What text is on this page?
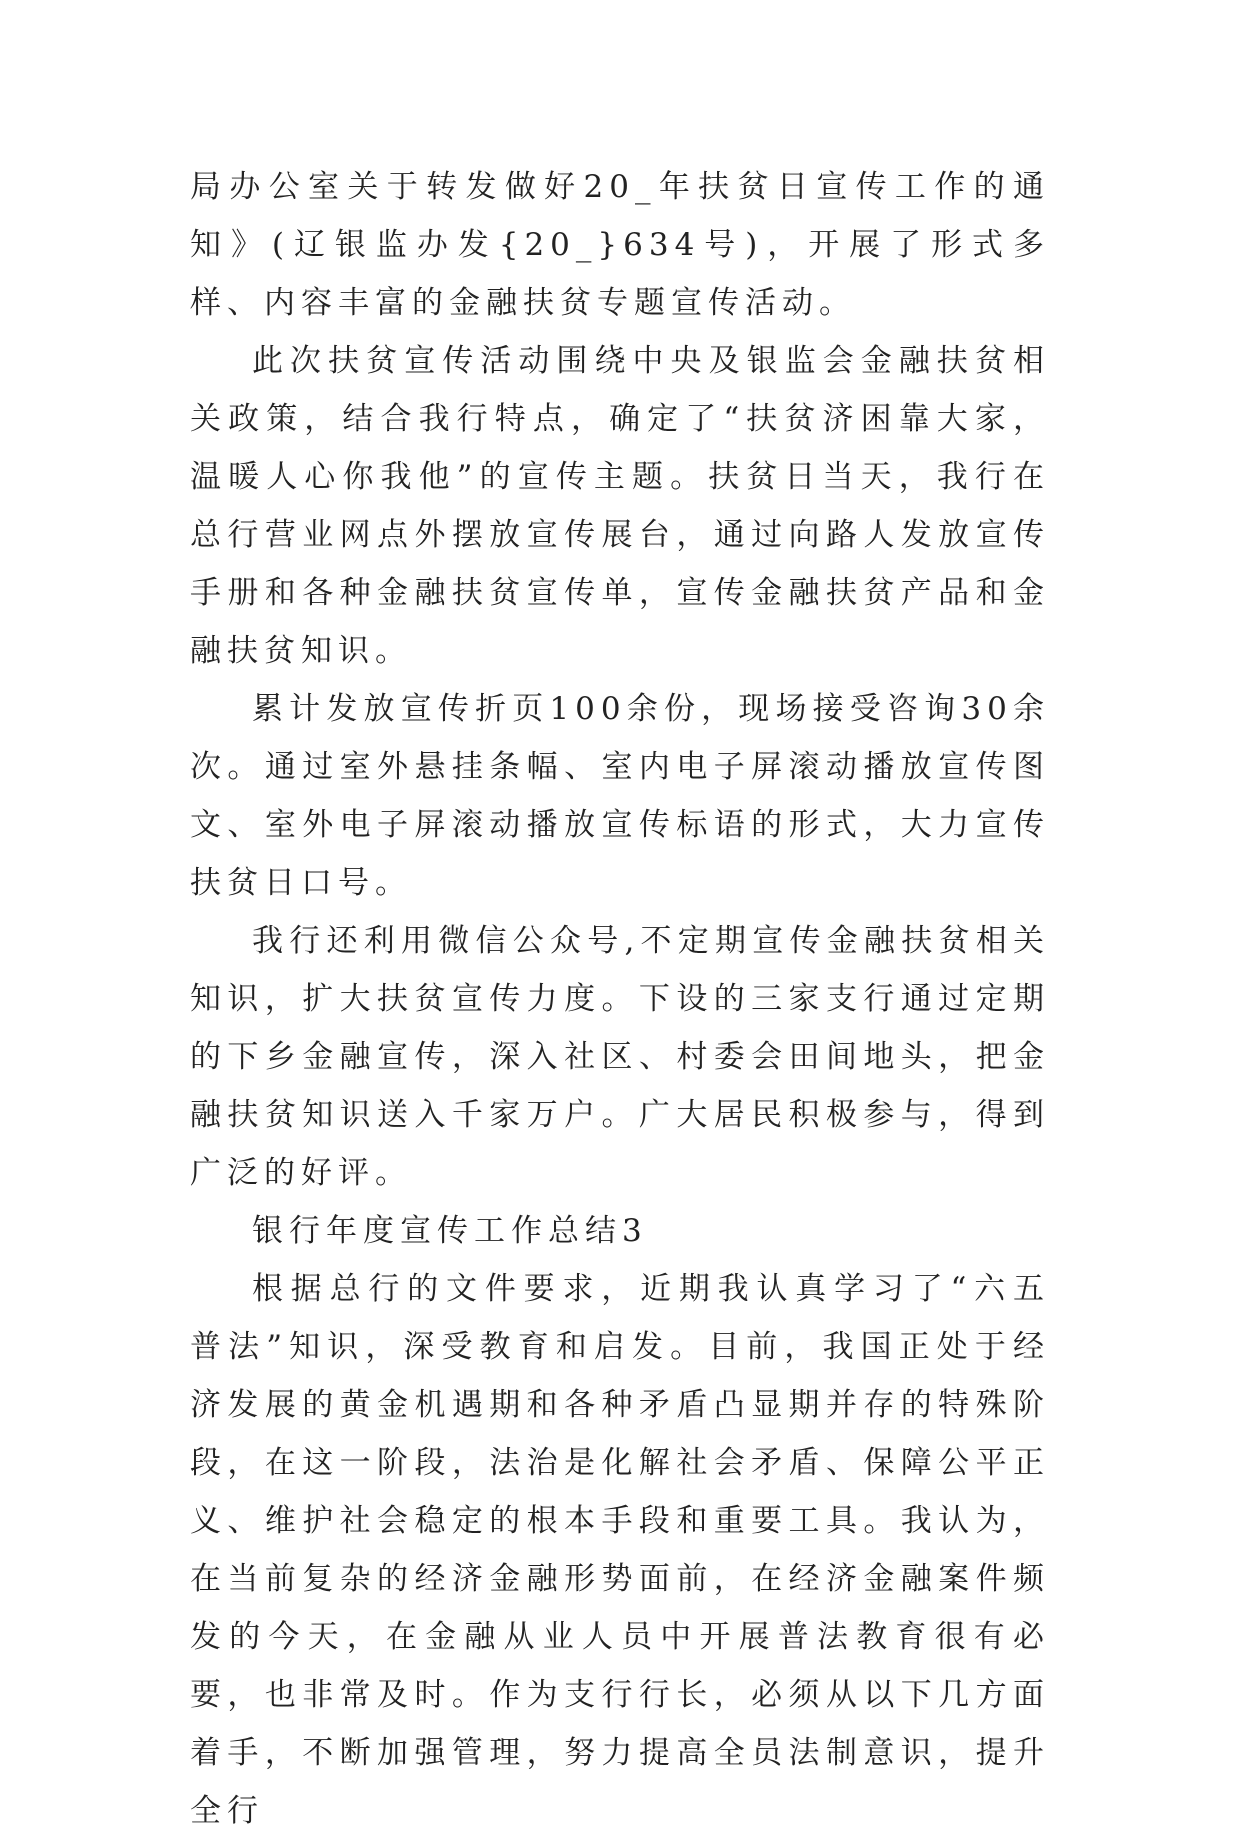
局办公室关于转发做好20_年扶贫日宣传工作的通知》(辽银监办发{20_}634号)，开展了形式多样、内容丰富的金融扶贫专题宣传活动。

此次扶贫宣传活动围绕中央及银监会金融扶贫相关政策，结合我行特点，确定了“扶贫济困靠大家，温暖人心你我他”的宣传主题。扶贫日当天，我行在总行营业网点外摆放宣传展台，通过向路人发放宣传手册和各种金融扶贫宣传单，宣传金融扶贫产品和金融扶贫知识。

累计发放宣传折页100余份，现场接受咨询30余次。通过室外悬挂条幅、室内电子屏滚动播放宣传图文、室外电子屏滚动播放宣传标语的形式，大力宣传扶贫日口号。

我行还利用微信公众号,不定期宣传金融扶贫相关知识，扩大扶贫宣传力度。下设的三家支行通过定期的下乡金融宣传，深入社区、村委会田间地头，把金融扶贫知识送入千家万户。广大居民积极参与，得到广泛的好评。

银行年度宣传工作总结3

根据总行的文件要求，近期我认真学习了“六五普法”知识，深受教育和启发。目前，我国正处于经济发展的黄金机遇期和各种矛盾凸显期并存的特殊阶段，在这一阶段，法治是化解社会矛盾、保障公平正义、维护社会稳定的根本手段和重要工具。我认为，在当前复杂的经济金融形势面前，在经济金融案件频发的今天，在金融从业人员中开展普法教育很有必要，也非常及时。作为支行行长，必须从以下几方面着手，不断加强管理，努力提高全员法制意识，提升全行
